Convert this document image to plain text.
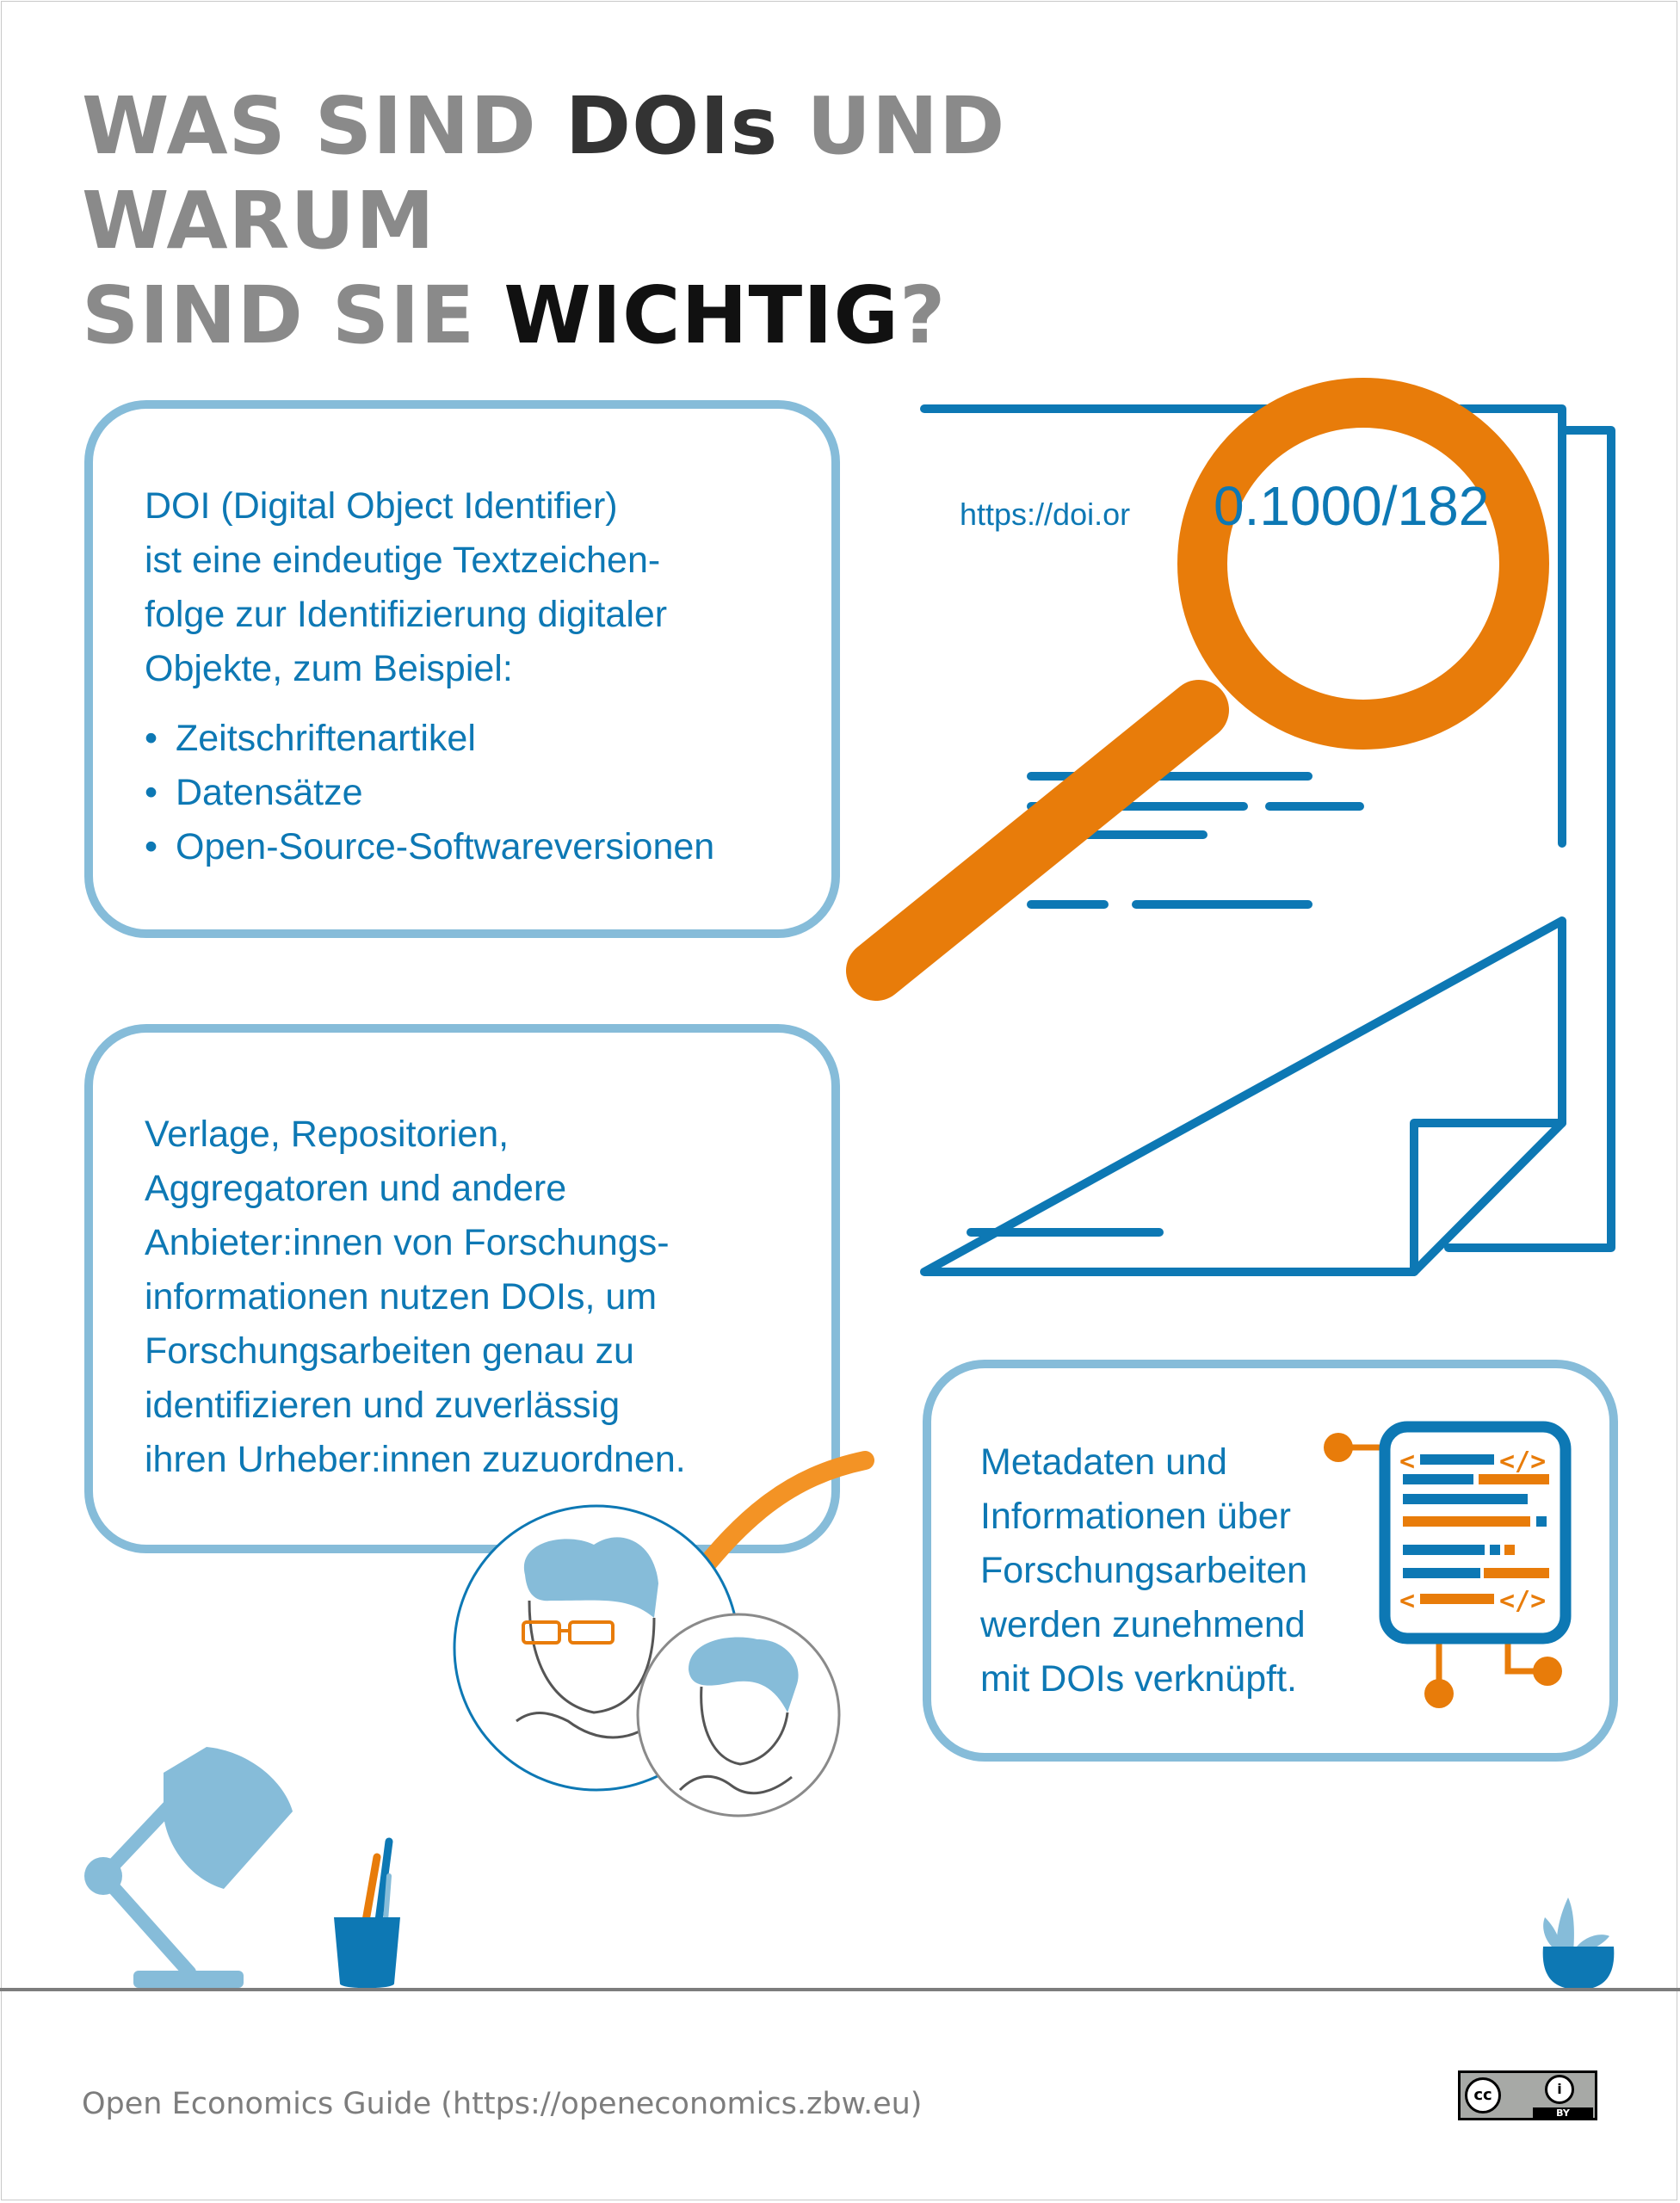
WAS SIND DOIs UND WARUM
SIND SIE WICHTIG?

DOI (Digital Object Identifier)

ist eine eindeutige Textzeichen-

folge zur Identifizierung digitaler

Objekte, zum Beispiel:

• Zeitschriftenartikel
• Datensätze
• Open-Source-Softwareversionen

Verlage, Repositorien,

Aggregatoren und andere

Anbieter:innen von Forschungs-

informationen nutzen DOIs, um

Forschungsarbeiten genau zu

identifizieren und zuverlässig

ihren Urheber:innen zuzuordnen.	Metadaten und

Informationen über

Forschungsarbeiten

werden zunehmend

mit DOIs verknüpft.

https://doi.or 0.1000/182
<	</>
<	</>
Open Economics Guide (https://openeconomics.zbw.eu)	cc	i
BY
